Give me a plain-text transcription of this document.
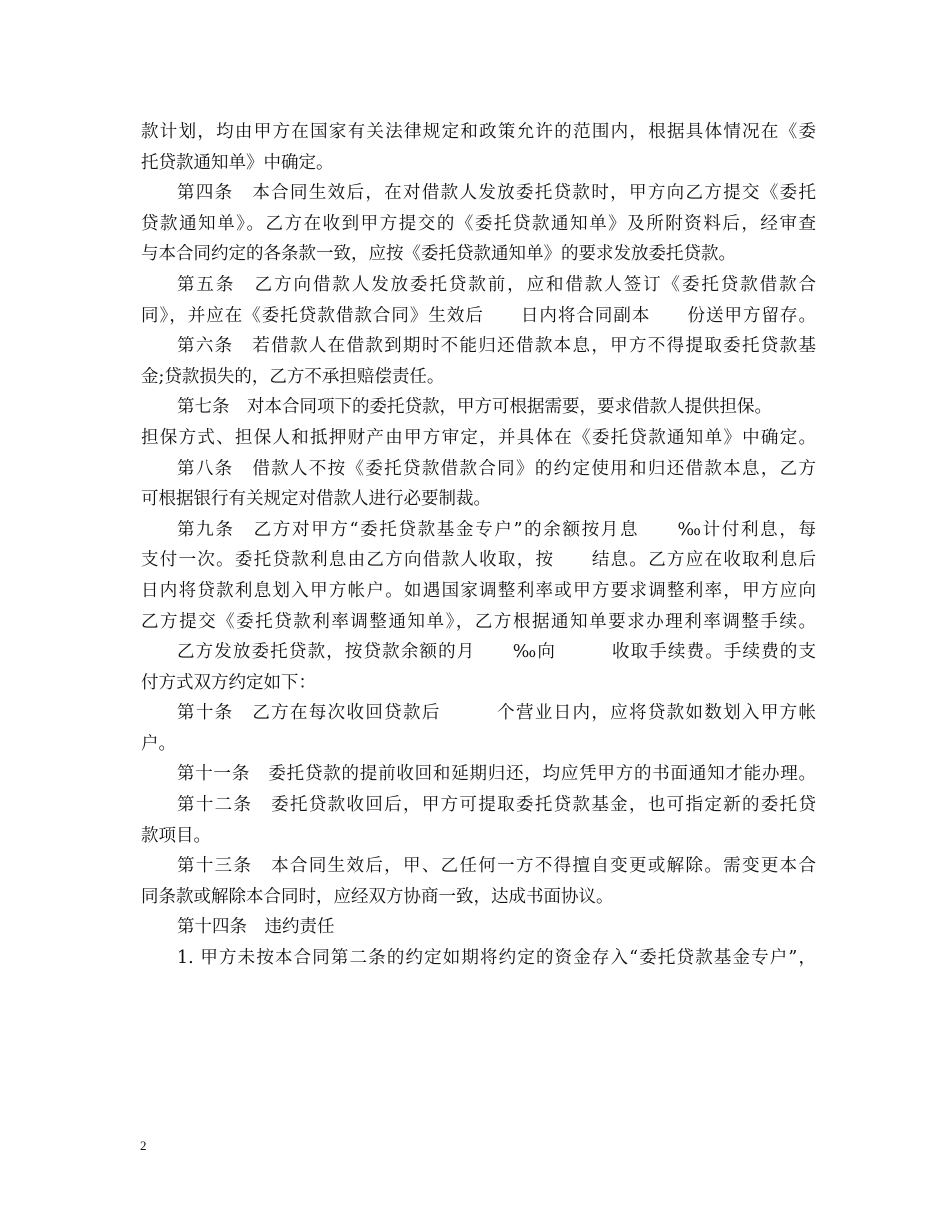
款计划，均由甲方在国家有关法律规定和政策允许的范围内，根据具体情况在《委
托贷款通知单》中确定。
第四条　本合同生效后，在对借款人发放委托贷款时，甲方向乙方提交《委托
贷款通知单》。乙方在收到甲方提交的《委托贷款通知单》及所附资料后，经审查
与本合同约定的各条款一致，应按《委托贷款通知单》的要求发放委托贷款。
第五条　乙方向借款人发放委托贷款前，应和借款人签订《委托贷款借款合
同》，并应在《委托贷款借款合同》生效后　　日内将合同副本　　份送甲方留存。
第六条　若借款人在借款到期时不能归还借款本息，甲方不得提取委托贷款基
金;贷款损失的，乙方不承担赔偿责任。
第七条　对本合同项下的委托贷款，甲方可根据需要，要求借款人提供担保。
担保方式、担保人和抵押财产由甲方审定，并具体在《委托贷款通知单》中确定。
第八条　借款人不按《委托贷款借款合同》的约定使用和归还借款本息，乙方
可根据银行有关规定对借款人进行必要制裁。
第九条　乙方对甲方“委托贷款基金专户”的余额按月息　　‰计付利息，每
支付一次。委托贷款利息由乙方向借款人收取，按　　结息。乙方应在收取利息后
日内将贷款利息划入甲方帐户。如遇国家调整利率或甲方要求调整利率，甲方应向
乙方提交《委托贷款利率调整通知单》，乙方根据通知单要求办理利率调整手续。
乙方发放委托贷款，按贷款余额的月　　‰向　　　收取手续费。手续费的支
付方式双方约定如下：
第十条　乙方在每次收回贷款后　　　个营业日内，应将贷款如数划入甲方帐
户。
第十一条　委托贷款的提前收回和延期归还，均应凭甲方的书面通知才能办理。
第十二条　委托贷款收回后，甲方可提取委托贷款基金，也可指定新的委托贷
款项目。
第十三条　本合同生效后，甲、乙任何一方不得擅自变更或解除。需变更本合
同条款或解除本合同时，应经双方协商一致，达成书面协议。
第十四条　违约责任
1. 甲方未按本合同第二条的约定如期将约定的资金存入“委托贷款基金专户”，
2
